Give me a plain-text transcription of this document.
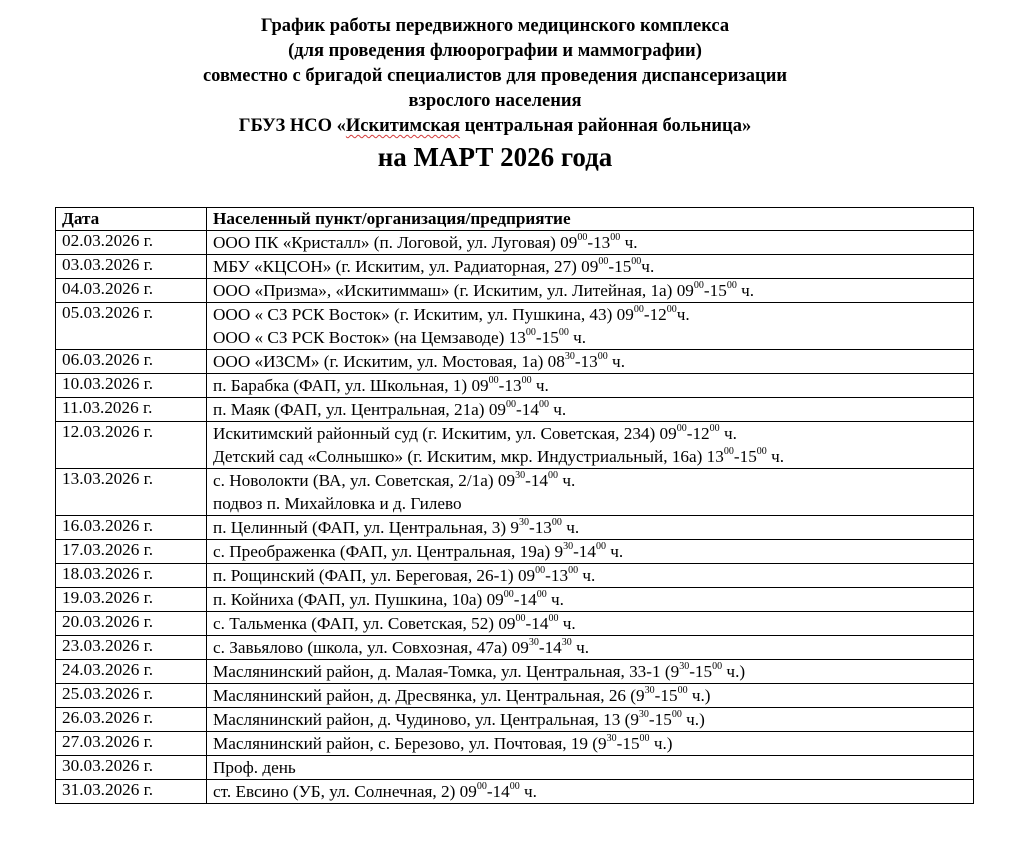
График работы передвижного медицинского комплекса
(для проведения флюорографии и маммографии)
совместно с бригадой специалистов для проведения диспансеризации
взрослого населения
ГБУЗ НСО «Искитимская центральная районная больница»
на МАРТ 2026 года
Дата	Населенный пункт/организация/предприятие
02.03.2026 г.	ООО ПК «Кристалл» (п. Логовой, ул. Луговая) $09^{00}-13^{00}$ ч.

03.03.2026 г.	МБУ «КЦСОН» (г. Искитим, ул. Радиаторная, 27) $09^{00}-15^{00}ч$.

04.03.2026 г.	ООО «Призма», «Искитиммаш» (г. Искитим, ул. Литейная, 1а) $09^{00}-15^{00}$ ч.

05.03.2026 г.	ООО « СЗ РСК Восток» (г. Искитим, ул. Пушкина, 43) $09^{00}-12^{00}ч$.
ООО « СЗ РСК Восток» (на Цемзаводе) $13^{00}-15^{00}$ ч.

06.03.2026 г.	ООО «ИЗСМ» (г. Искитим, ул. Мостовая, 1а) $08^{30}-13^{00}$ ч.

10.03.2026 г.	п. Барабка (ФАП, ул. Школьная, 1) $09^{00}-13^{00}$ ч.

11.03.2026 г.	п. Маяк (ФАП, ул. Центральная, 21а) $09^{00}-14^{00}$ ч.

12.03.2026 г.	Искитимский районный суд (г. Искитим, ул. Советская, 234) $09^{00}-12^{00}$ ч.
Детский сад «Солнышко» (г. Искитим, мкр. Индустриальный, 16а) $13^{00}-15^{00}$ ч.

13.03.2026 г.	с. Новолокти (ВА, ул. Советская, 2/1а) $09^{30}-14^{00}$ ч.
подвоз п. Михайловка и д. Гилево

16.03.2026 г.	п. Целинный (ФАП, ул. Центральная, 3) $9^{30}-13^{00}$ ч.

17.03.2026 г.	с. Преображенка (ФАП, ул. Центральная, 19а) $9^{30}-14^{00}$ ч.

18.03.2026 г.	п. Рощинский (ФАП, ул. Береговая, 26-1) $09^{00}-13^{00}$ ч.

19.03.2026 г.	п. Койниха (ФАП, ул. Пушкина, 10а) $09^{00}-14^{00}$ ч.

20.03.2026 г.	с. Тальменка (ФАП, ул. Советская, 52) $09^{00}-14^{00}$ ч.

23.03.2026 г.	с. Завьялово (школа, ул. Совхозная, 47а) $09^{30}-14^{30}$ ч.

24.03.2026 г.	Маслянинский район, д. Малая-Томка, ул. Центральная, 33-1 ($9^{30}-15^{00}$ ч.)

25.03.2026 г.	Маслянинский район, д. Дресвянка, ул. Центральная, 26 ($9^{30}-15^{00}$ ч.)

26.03.2026 г.	Маслянинский район, д. Чудиново, ул. Центральная, 13 ($9^{30}-15^{00}$ ч.)

27.03.2026 г.	Маслянинский район, с. Березово, ул. Почтовая, 19 ($9^{30}-15^{00}$ ч.)

30.03.2026 г.	Проф. день

31.03.2026 г.	ст. Евсино (УБ, ул. Солнечная, 2) $09^{00}-14^{00}$ ч.
